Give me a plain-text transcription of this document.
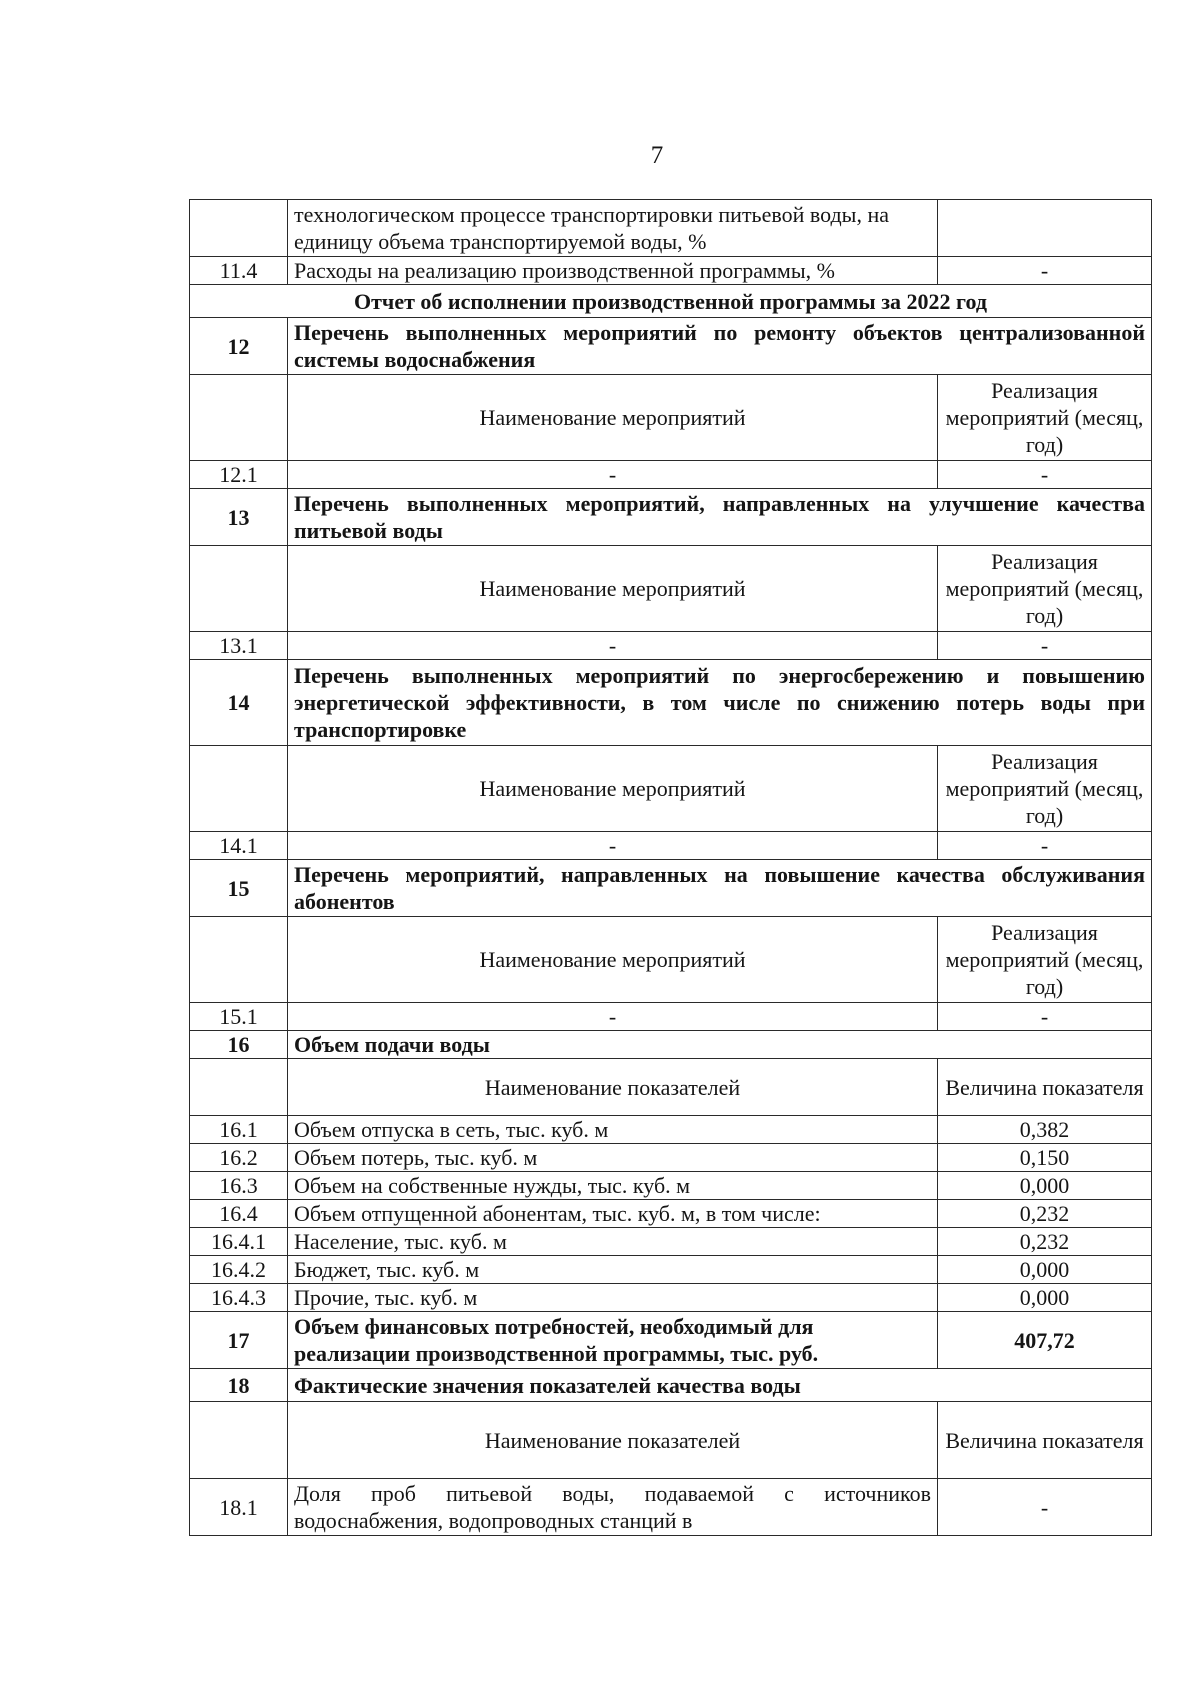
7
	технологическом процессе транспортировки питьевой воды, на единицу объема транспортируемой воды, %	
11.4	Расходы на реализацию производственной программы, %	-
Отчет об исполнении производственной программы за 2022 год		
12	Перечень выполненных мероприятий по ремонту объектов централизованной системы водоснабжения	
	Наименование мероприятий	Реализация мероприятий (месяц, год)
12.1	-	-
13	Перечень выполненных мероприятий, направленных на улучшение качества питьевой воды	
	Наименование мероприятий	Реализация мероприятий (месяц, год)
13.1	-	-
14	Перечень выполненных мероприятий по энергосбережению и повышению энергетической эффективности, в том числе по снижению потерь воды при транспортировке	
	Наименование мероприятий	Реализация мероприятий (месяц, год)
14.1	-	-
15	Перечень мероприятий, направленных на повышение качества обслуживания абонентов	
	Наименование мероприятий	Реализация мероприятий (месяц, год)
15.1	-	-
16	Объем подачи воды	
	Наименование показателей	Величина показателя
16.1	Объем отпуска в сеть, тыс. куб. м	0,382
16.2	Объем потерь, тыс. куб. м	0,150
16.3	Объем на собственные нужды, тыс. куб. м	0,000
16.4	Объем отпущенной абонентам, тыс. куб. м, в том числе:	0,232
16.4.1	Население, тыс. куб. м	0,232
16.4.2	Бюджет, тыс. куб. м	0,000
16.4.3	Прочие, тыс. куб. м	0,000
17	Объем финансовых потребностей, необходимый для реализации производственной программы, тыс. руб.	407,72
18	Фактические значения показателей качества воды	
	Наименование показателей	Величина показателя
18.1	Доля проб питьевой воды, подаваемой с источников водоснабжения, водопроводных станций в	-
